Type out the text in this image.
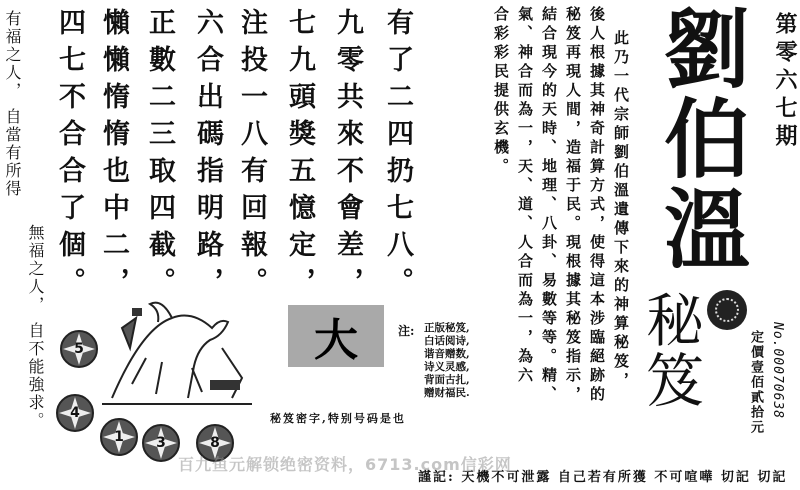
有福之人，
自當有所得
無福之人，
自不能強求。
有了二四扔七八。
九零共來不會差，
七九頭獎五憶定，
注投一八有回報。
六合出碼指明路，
正數二三取四截。
懶懶惰惰也中二，
四七不合合了個。
5
4
1 3	8
大
秘笈密字,特别号码是也
注: 正版秘笈,
白话阅诗,
谐音赠数,
诗义灵感,
背面古扎,
赠财福民.
此乃一代宗師劉伯溫遺傳下來的神算秘笈，
後人根據其神奇計算方式，使得這本涉臨絕跡的
秘笈再現人間，造福于民。現根據其秘笈指示，
結合現今的天時、地理、八卦、易數等等。精、
氣、神合而為一，天、道、人合而為一，為六
合彩彩民提供玄機。 劉伯溫
秘笈
第零六七期
No.00070638
定價壹佰貳拾元
謹記: 天機不可泄露 自己若有所獲 不可喧嘩 切記 切記
百九鱼元解锁绝密资料，6713.com信彩网
